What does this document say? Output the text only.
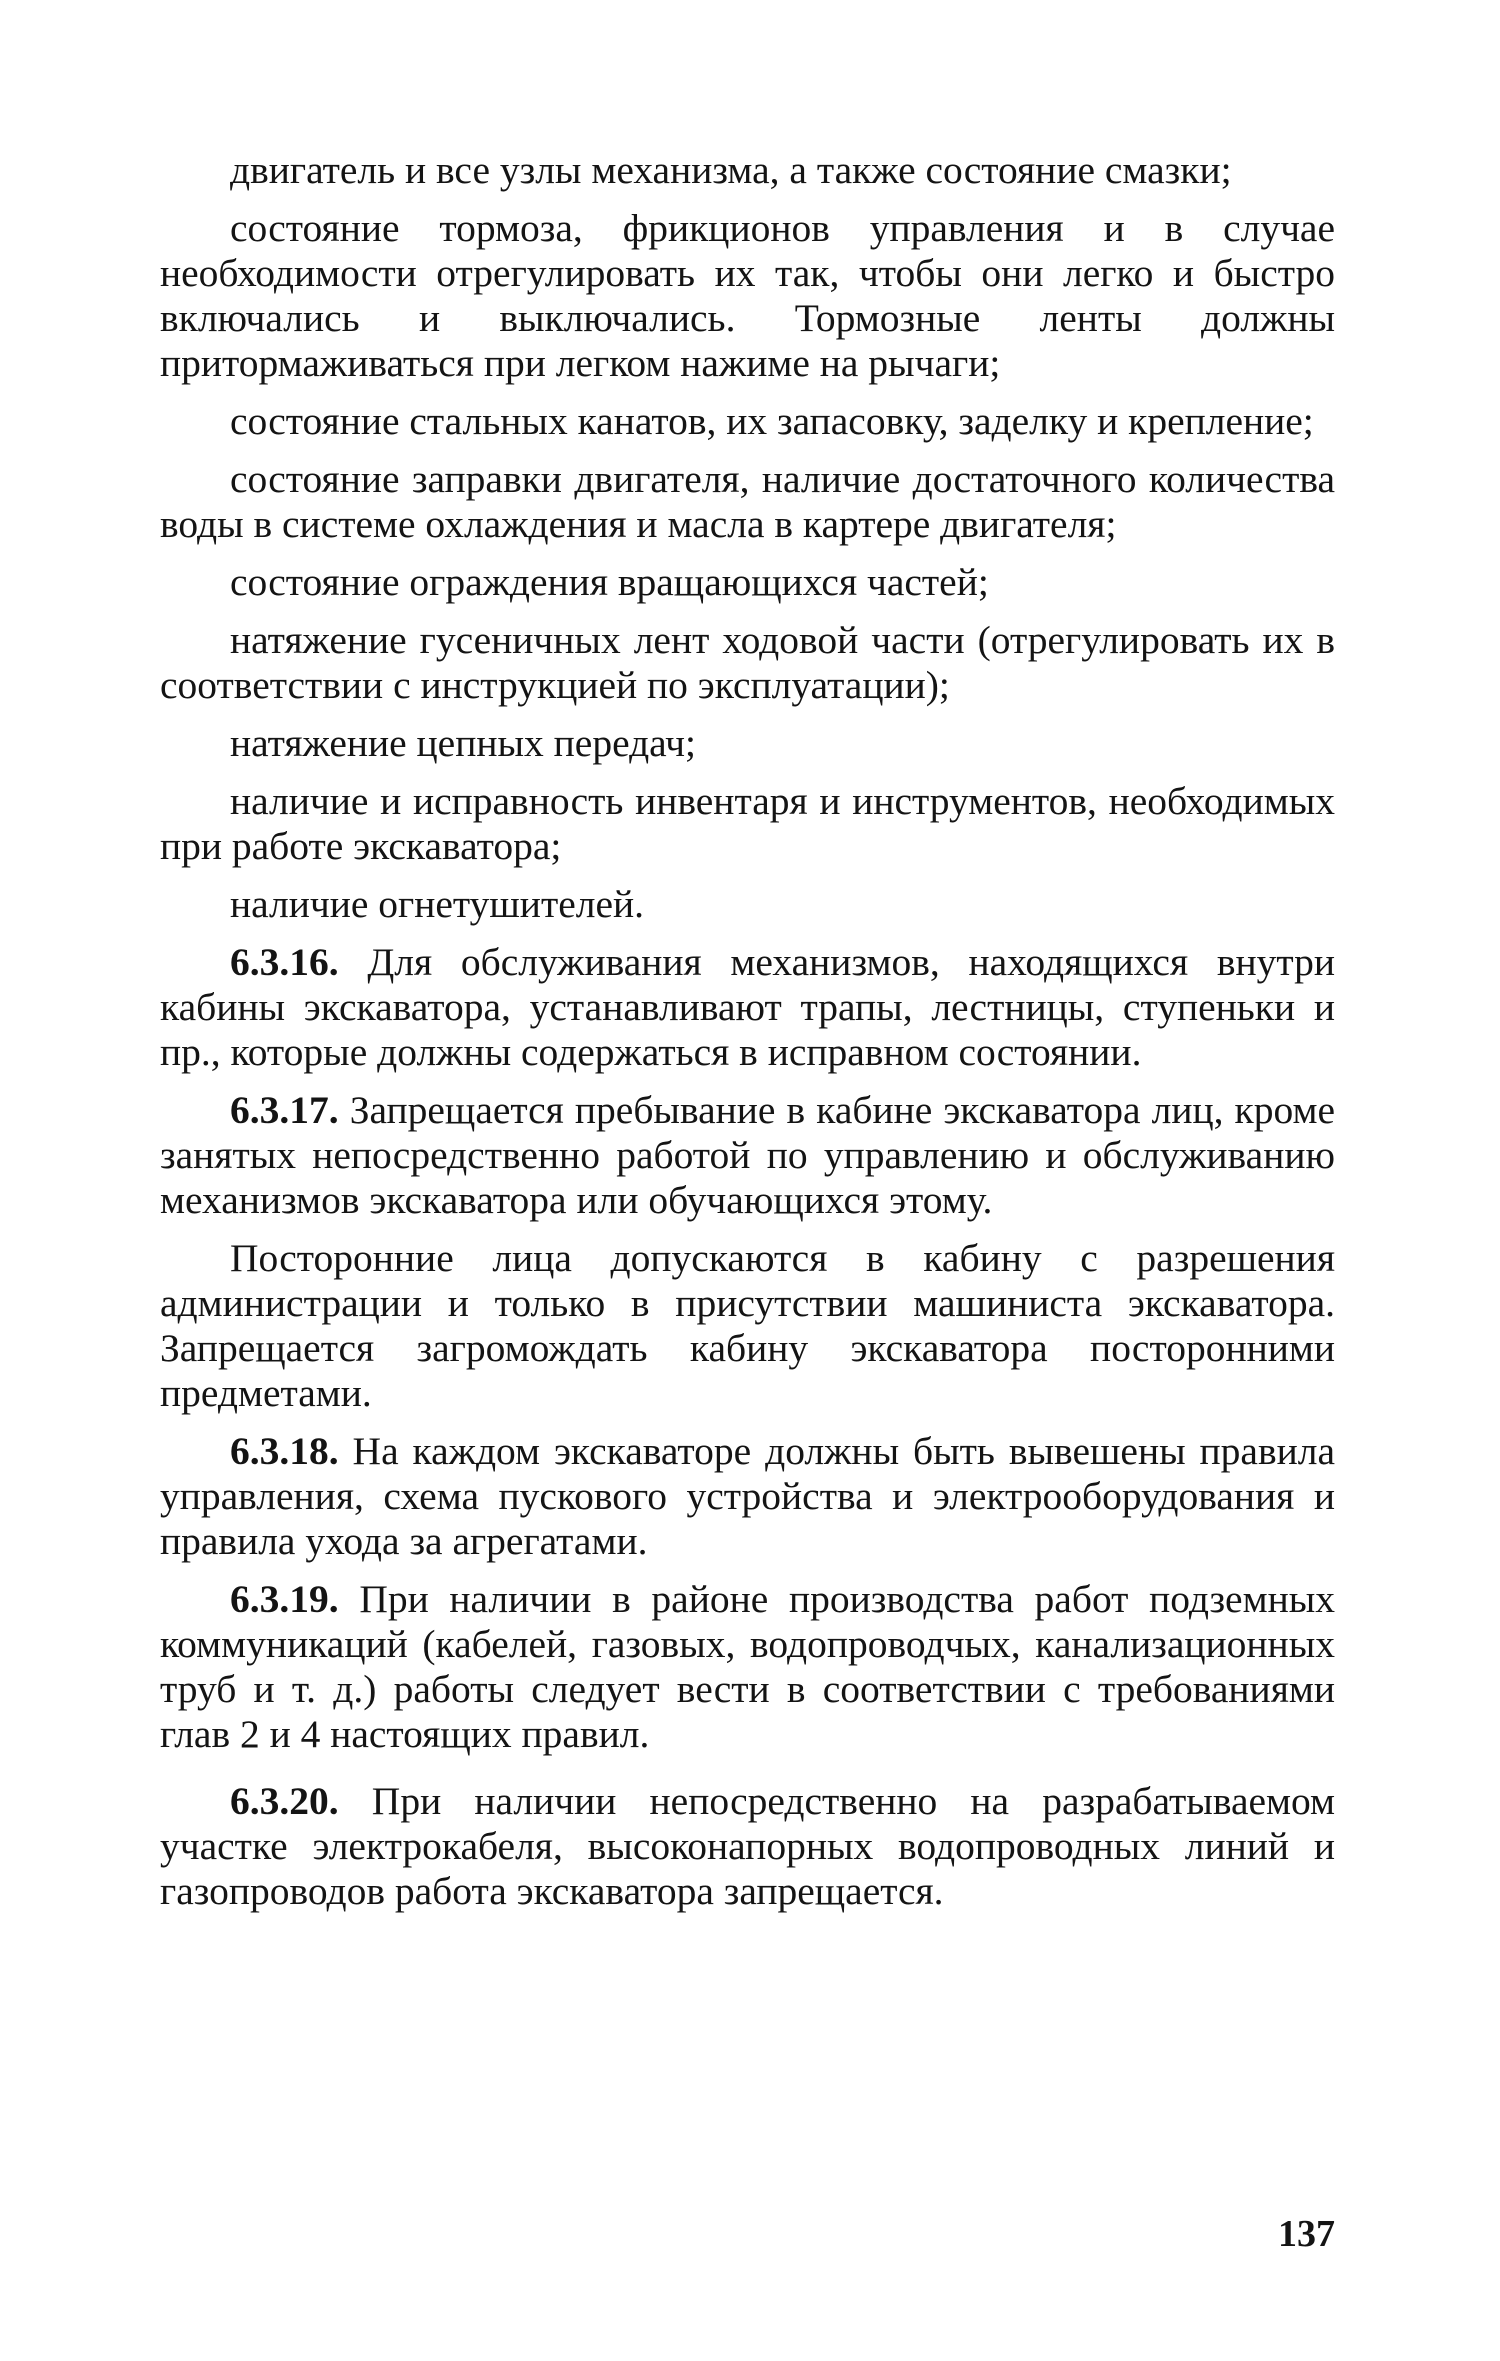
двигатель и все узлы механизма, а также состояние смазки;

состояние тормоза, фрикционов управления и в случае необходимости отрегулировать их так, чтобы они легко и быстро включались и выключались. Тормозные ленты должны притормаживаться при легком нажиме на рычаги;

состояние стальных канатов, их запасовку, заделку и крепление;

состояние заправки двигателя, наличие достаточного количества воды в системе охлаждения и масла в картере двигателя;

состояние ограждения вращающихся частей;

натяжение гусеничных лент ходовой части (отрегулировать их в соответствии с инструкцией по эксплуатации);

натяжение цепных передач;

наличие и исправность инвентаря и инструментов, необходимых при работе экскаватора;

наличие огнетушителей.

6.3.16. Для обслуживания механизмов, находящихся внутри кабины экскаватора, устанавливают трапы, лестницы, ступеньки и пр., которые должны содержаться в исправном состоянии.

6.3.17. Запрещается пребывание в кабине экскаватора лиц, кроме занятых непосредственно работой по управлению и обслуживанию механизмов экскаватора или обучающихся этому.

Посторонние лица допускаются в кабину с разрешения администрации и только в присутствии машиниста экскаватора. Запрещается загромождать кабину экскаватора посторонними предметами.

6.3.18. На каждом экскаваторе должны быть вывешены правила управления, схема пускового устройства и электрооборудования и правила ухода за агрегатами.

6.3.19. При наличии в районе производства работ подземных коммуникаций (кабелей, газовых, водопроводчых, канализационных труб и т. д.) работы следует вести в соответствии с требованиями глав 2 и 4 настоящих правил.

6.3.20. При наличии непосредственно на разрабатываемом участке электрокабеля, высоконапорных водопроводных линий и газопроводов работа экскаватора запрещается.

137
